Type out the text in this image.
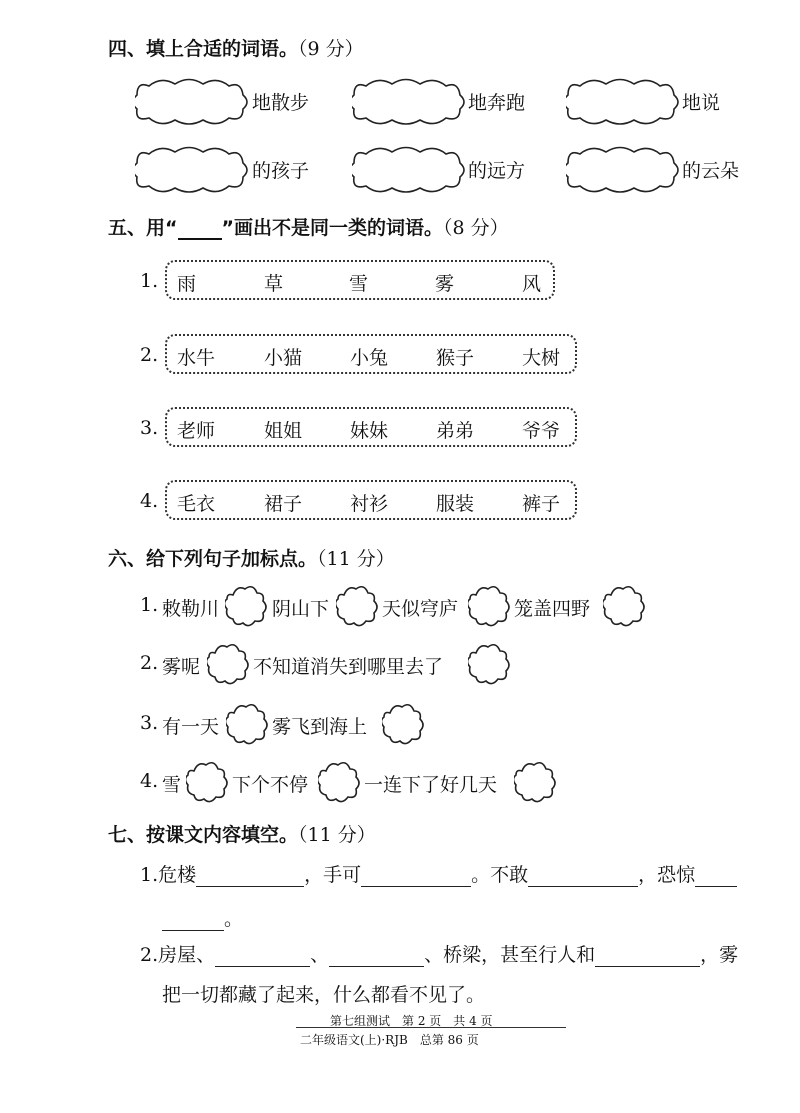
四、填上合适的词语。（9 分）
地散步	地奔跑	地说
的孩子	的远方	的云朵
五、用“ ”画出不是同一类的词语。（8 分）
1. 雨	草	雪	雾	风
2. 水牛	小猫	小兔	猴子	大树
3. 老师	姐姐	妹妹	弟弟	爷爷
4. 毛衣	裙子	衬衫	服装	裤子
六、给下列句子加标点。（11 分）
1. 敕勒川	阴山下	天似穹庐	笼盖四野
2. 雾呢	不知道消失到哪里去了
3. 有一天	雾飞到海上
4. 雪	下个不停	一连下了好几天
七、按课文内容填空。（11 分）
1.危楼	，手可	。不敢	，恐惊
。
2.房屋、	、	、桥梁，甚至行人和	，雾
把一切都藏了起来，什么都看不见了。
第七组测试　第 2 页　共 4 页
二年级语文(上)·RJB　总第 86 页
